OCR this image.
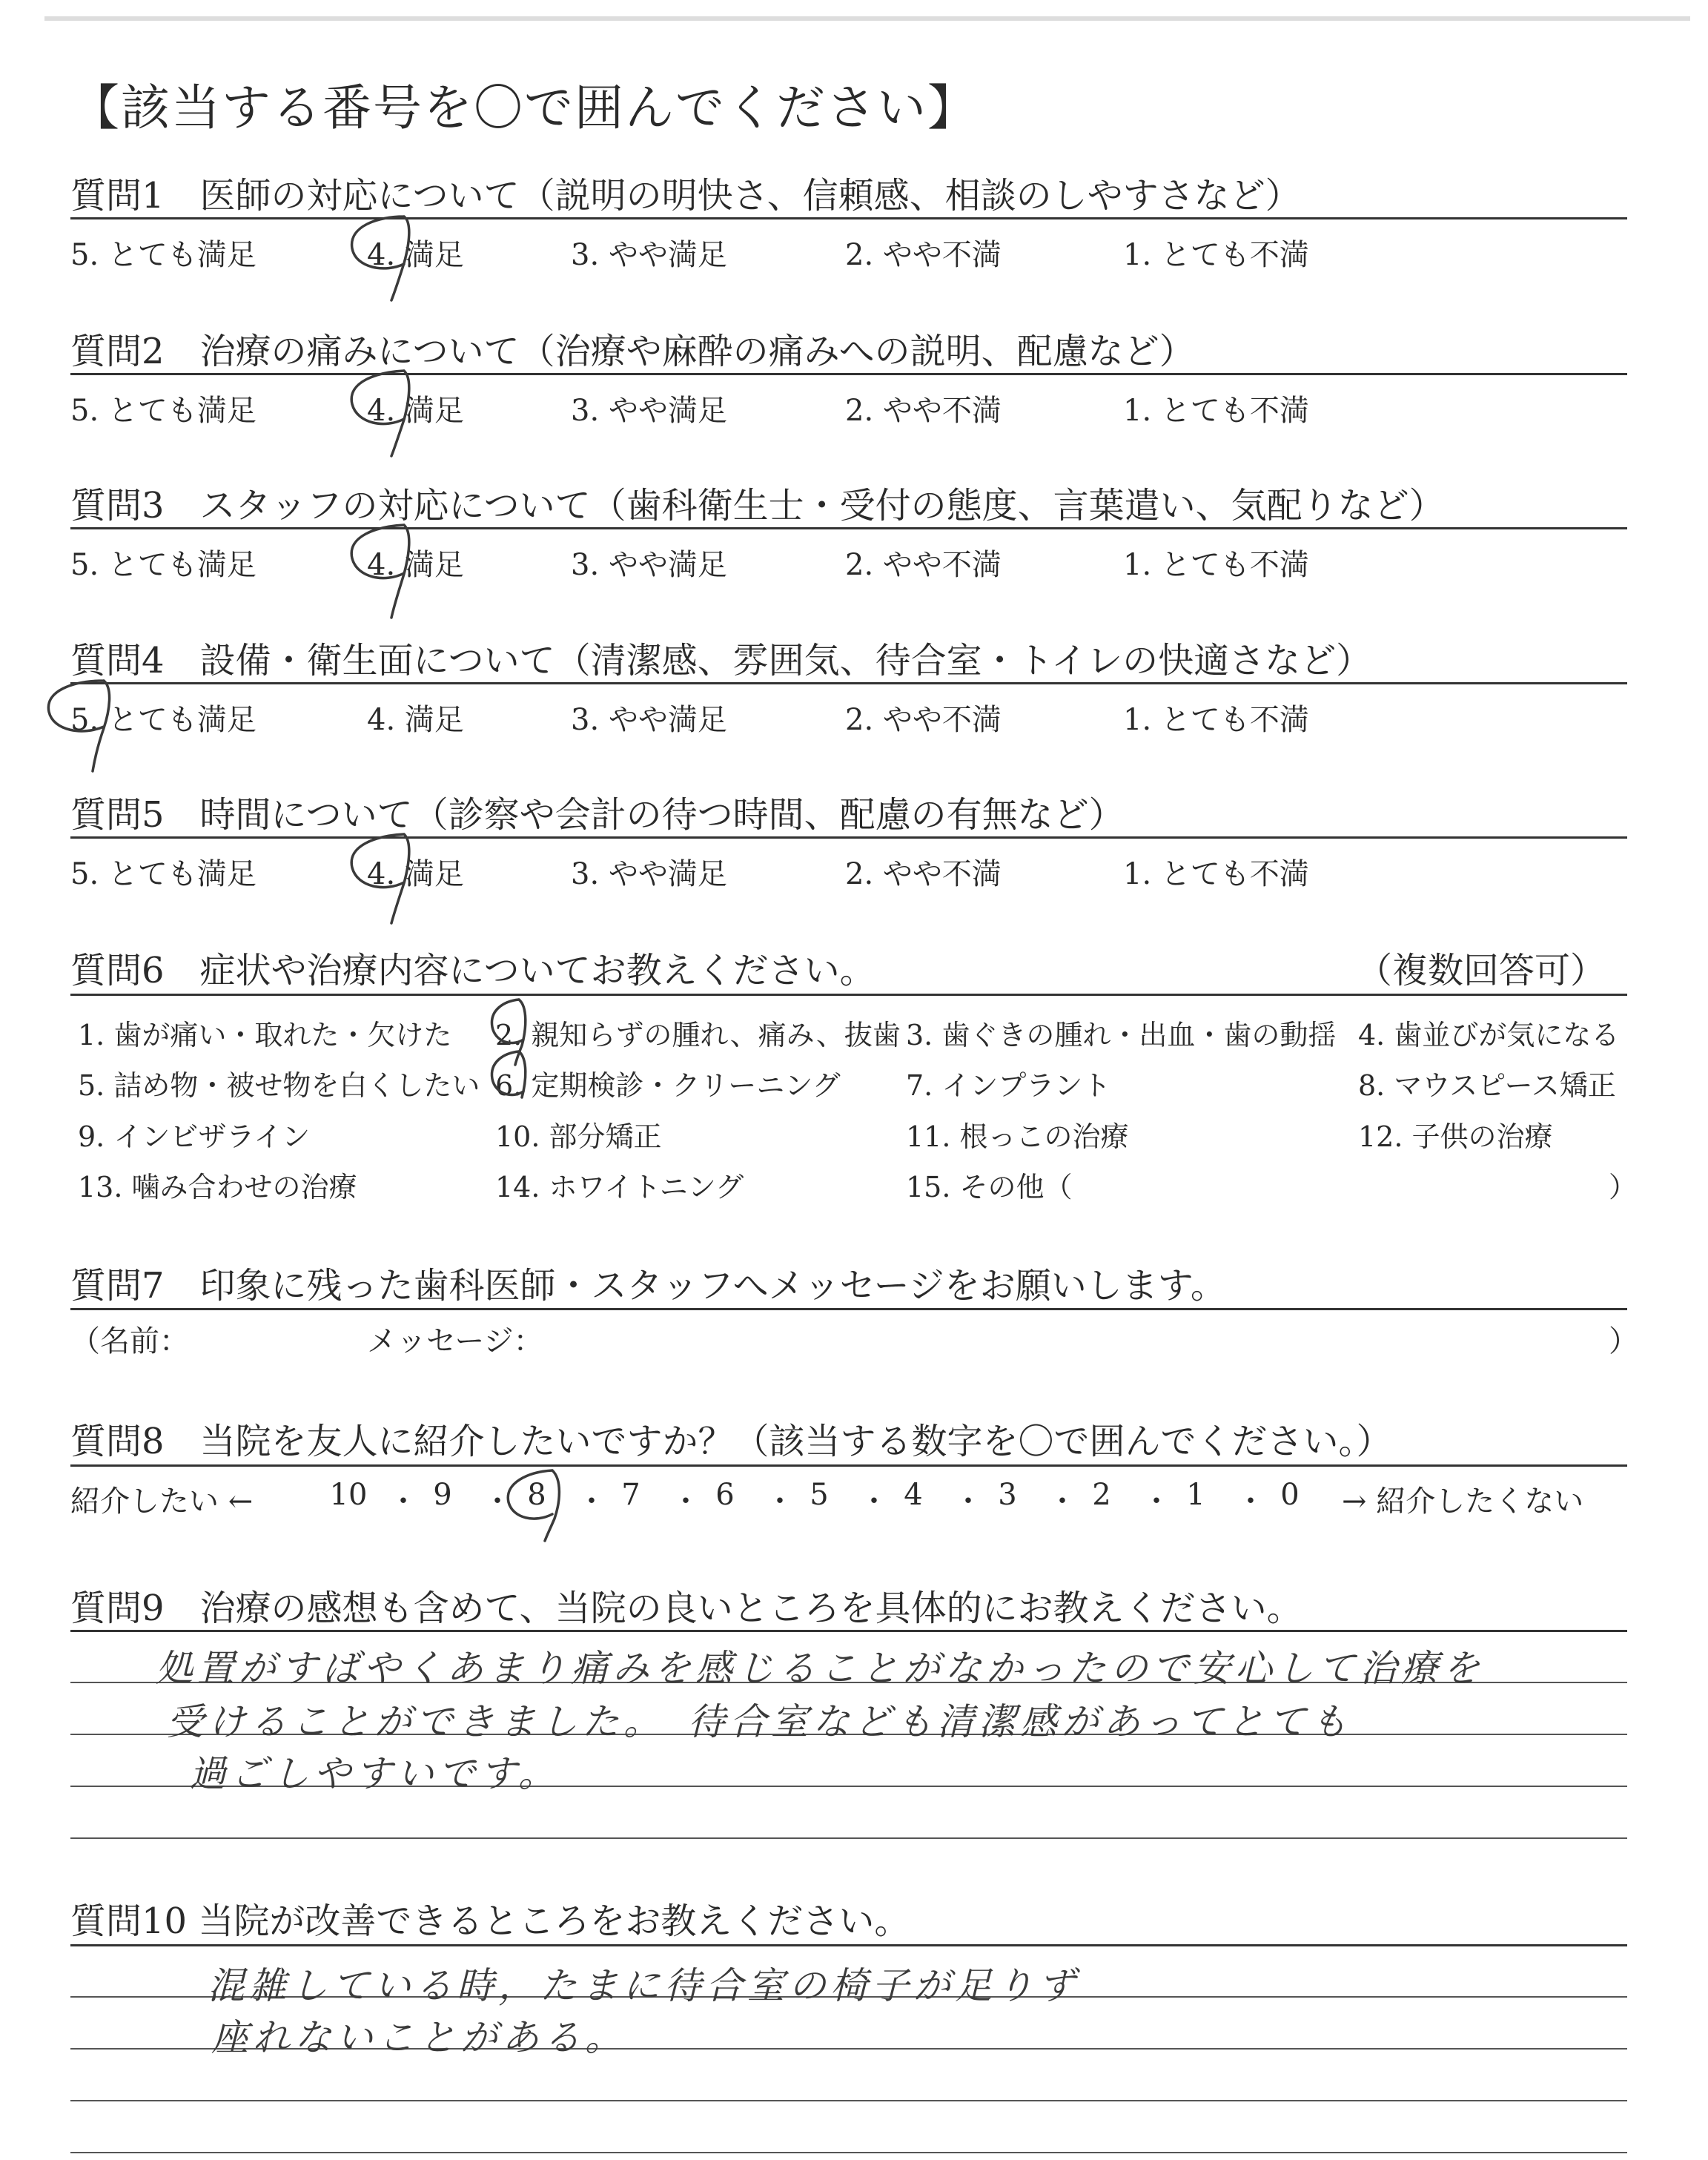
【該当する番号を〇で囲んでください】
質問1　医師の対応について（説明の明快さ、信頼感、相談のしやすさなど）
5. とても満足	4. 満足	3. やや満足	2. やや不満	1. とても不満
質問2　治療の痛みについて（治療や麻酔の痛みへの説明、配慮など）
5. とても満足	4. 満足	3. やや満足	2. やや不満	1. とても不満
質問3　スタッフの対応について（歯科衛生士・受付の態度、言葉遣い、気配りなど）
5. とても満足	4. 満足	3. やや満足	2. やや不満	1. とても不満
質問4　設備・衛生面について（清潔感、雰囲気、待合室・トイレの快適さなど）
5. とても満足	4. 満足	3. やや満足	2. やや不満	1. とても不満
質問5　時間について（診察や会計の待つ時間、配慮の有無など）
5. とても満足	4. 満足	3. やや満足	2. やや不満	1. とても不満
質問6　症状や治療内容についてお教えください。	（複数回答可）
1. 歯が痛い・取れた・欠けた 2. 親知らずの腫れ、痛み、抜歯 3. 歯ぐきの腫れ・出血・歯の動揺 4. 歯並びが気になる
5. 詰め物・被せ物を白くしたい 6. 定期検診・クリーニング 7. インプラント	8. マウスピース矯正
9. インビザライン	10. 部分矯正	11. 根っこの治療	12. 子供の治療
13. 噛み合わせの治療	14. ホワイトニング	15. その他（	）
質問7　印象に残った歯科医師・スタッフへメッセージをお願いします。
（名前：	メッセージ：	）
質問8　当院を友人に紹介したいですか？（該当する数字を〇で囲んでください。）
紹介したい ←	→ 紹介したくない
10 ・ 9	・ 8	・ 7	・ 6	・ 5	・ 4	・ 3	・ 2	・ 1	・ 0
質問9　治療の感想も含めて、当院の良いところを具体的にお教えください。
処置がすばやくあまり痛みを感じることがなかったので安心して治療を
受けることができました。　待合室なども清潔感があってとても
過ごしやすいです。
質問10 当院が改善できるところをお教えください。
混雑している時，たまに待合室の椅子が足りず
座れないことがある。
